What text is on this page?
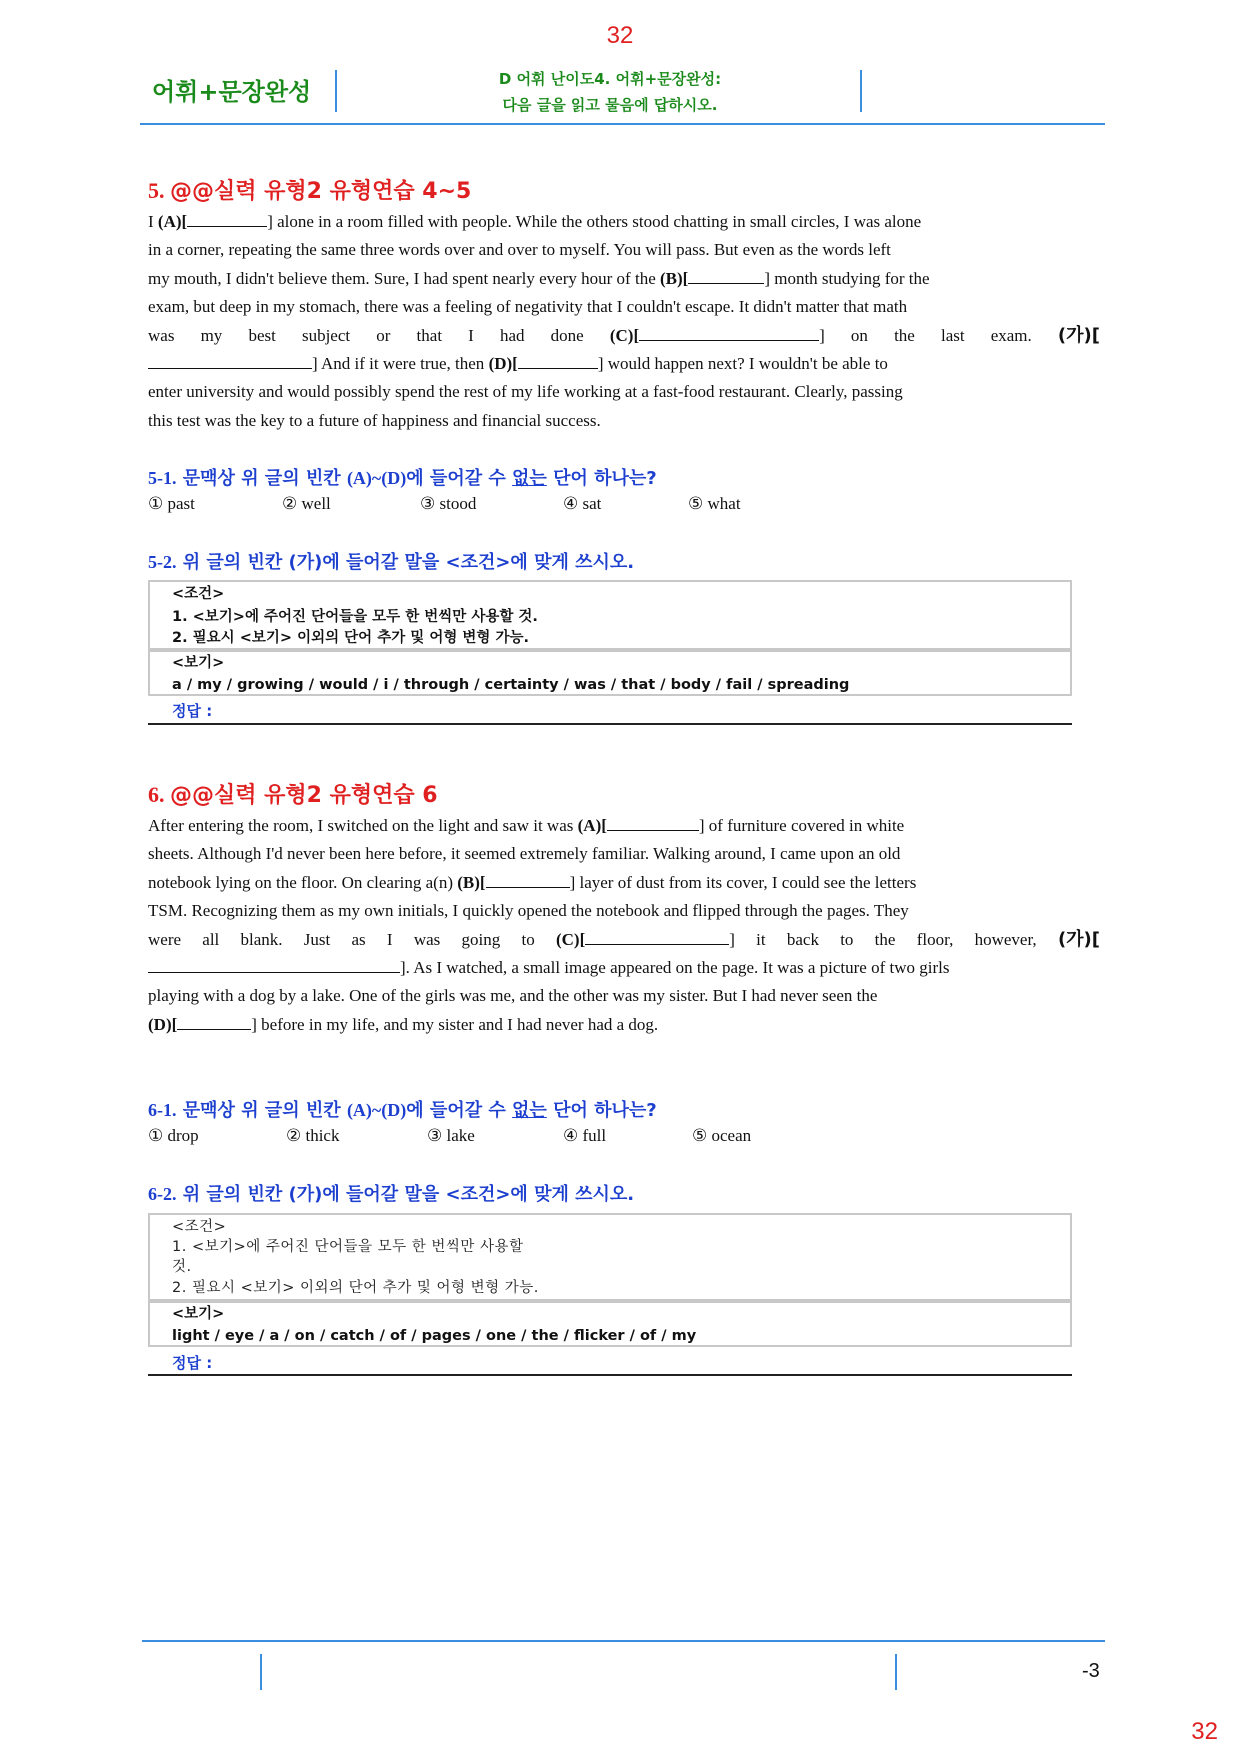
32
어휘+문장완성	D 어휘 난이도4. 어휘+문장완성:
다음 글을 읽고 물음에 답하시오.
5. @@실력 유형2 유형연습 4~5

I (A)[	] alone in a room filled with people. While the others stood chatting in small circles, I was alone

in a corner, repeating the same three words over and over to myself. You will pass. But even as the words left

my mouth, I didn't believe them. Sure, I had spent nearly every hour of the (B)[	] month studying for the

exam, but deep in my stomach, there was a feeling of negativity that I couldn't escape. It didn't matter that math

was my best subject or that I had done (C)[	] on the last exam. (가)[

] And if it were true, then (D)[	] would happen next? I wouldn't be able to

enter university and would possibly spend the rest of my life working at a fast-food restaurant. Clearly, passing

this test was the key to a future of happiness and financial success.

5-1. 문맥상 위 글의 빈칸 (A)~(D)에 들어갈 수 없는 단어 하나는?
① past	② well	③ stood	④ sat	⑤ what
5-2. 위 글의 빈칸 (가)에 들어갈 말을 <조건>에 맞게 쓰시오.
<조건>
1. <보기>에 주어진 단어들을 모두 한 번씩만 사용할 것.
2. 필요시 <보기> 이외의 단어 추가 및 어형 변형 가능.
<보기>
a / my / growing / would / i / through / certainty / was / that / body / fail / spreading
정답 :
6. @@실력 유형2 유형연습 6

After entering the room, I switched on the light and saw it was (A)[	] of furniture covered in white

sheets. Although I'd never been here before, it seemed extremely familiar. Walking around, I came upon an old

notebook lying on the floor. On clearing a(n) (B)[	] layer of dust from its cover, I could see the letters

TSM. Recognizing them as my own initials, I quickly opened the notebook and flipped through the pages. They

were all blank. Just as I was going to (C)[	] it back to the floor, however, (가)[

]. As I watched, a small image appeared on the page. It was a picture of two girls

playing with a dog by a lake. One of the girls was me, and the other was my sister. But I had never seen the

(D)[	] before in my life, and my sister and I had never had a dog.

6-1. 문맥상 위 글의 빈칸 (A)~(D)에 들어갈 수 없는 단어 하나는?
① drop	② thick	③ lake	④ full	⑤ ocean
6-2. 위 글의 빈칸 (가)에 들어갈 말을 <조건>에 맞게 쓰시오.
<조건>
1. <보기>에 주어진 단어들을 모두 한 번씩만 사용할
것.
2. 필요시 <보기> 이외의 단어 추가 및 어형 변형 가능.
<보기>
light / eye / a / on / catch / of / pages / one / the / flicker / of / my
정답 :
-3
32
